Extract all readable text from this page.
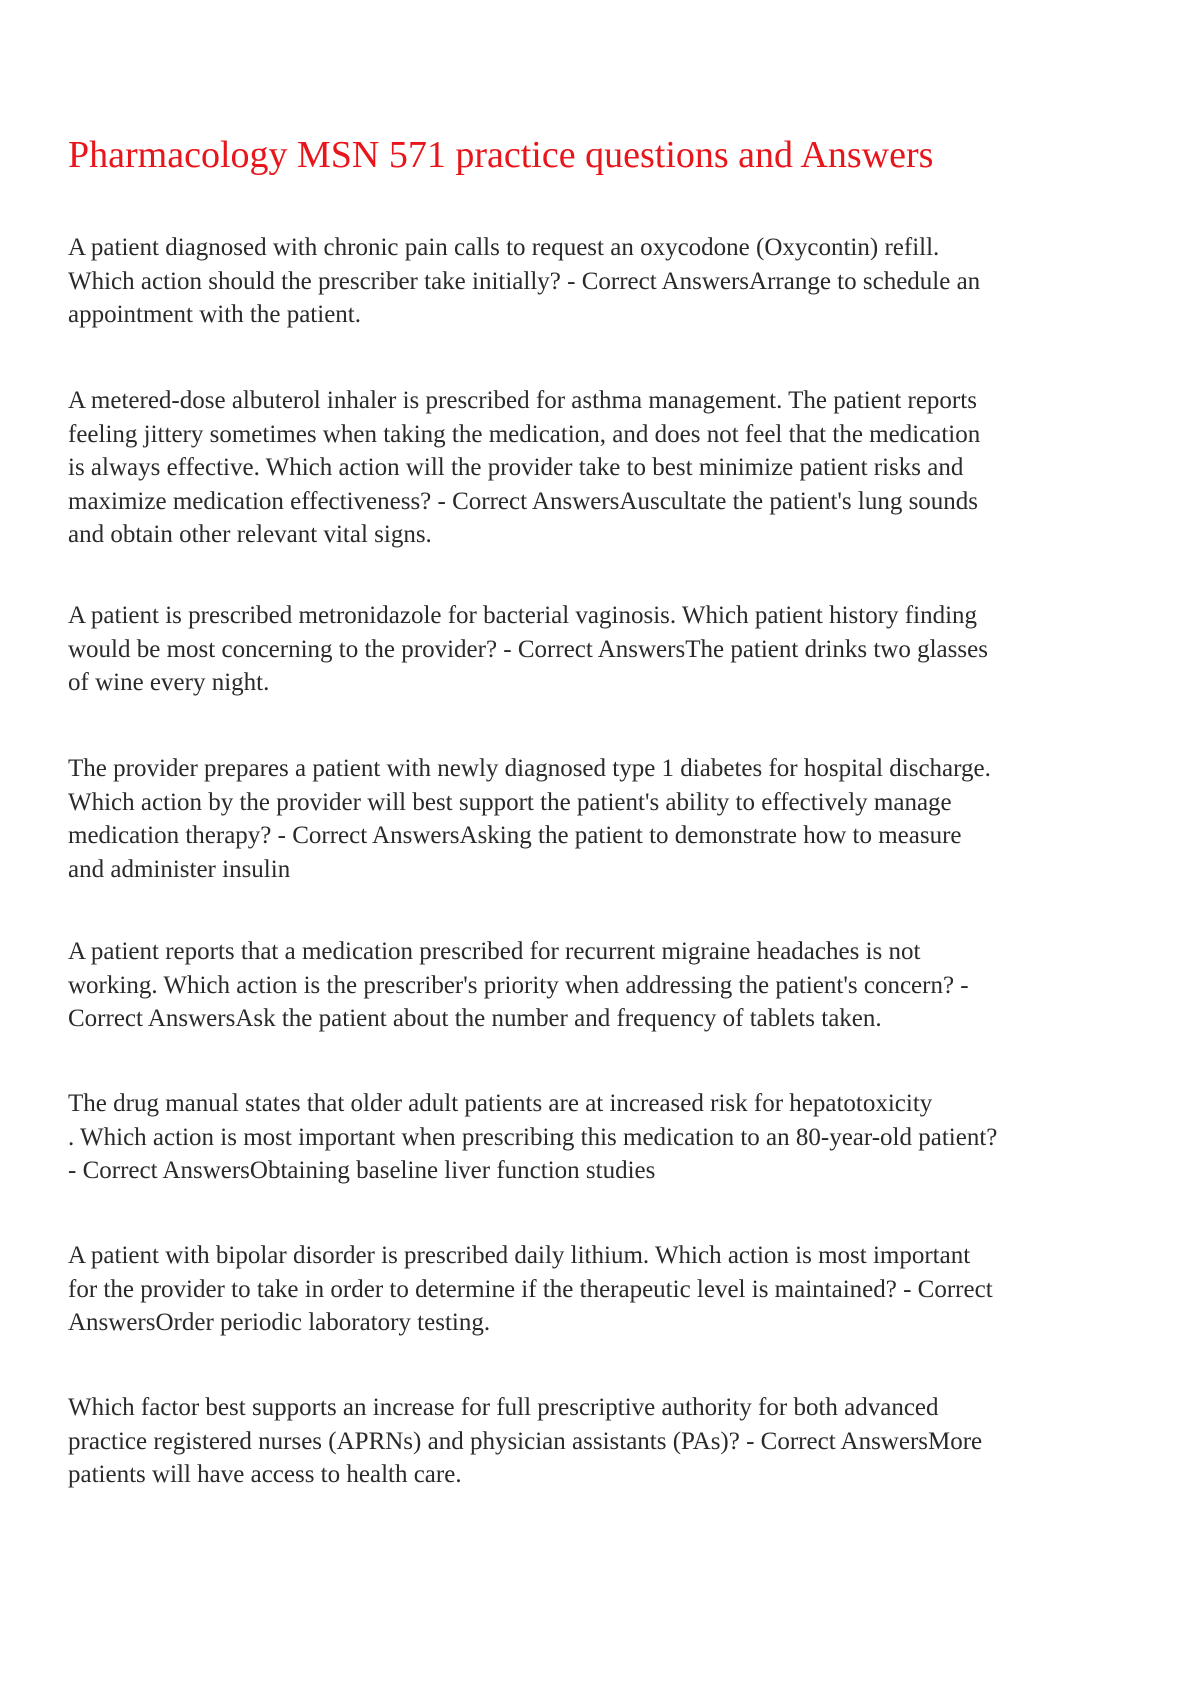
Pharmacology MSN 571 practice questions and Answers

A patient diagnosed with chronic pain calls to request an oxycodone (Oxycontin) refill.
Which action should the prescriber take initially? - Correct AnswersArrange to schedule an
appointment with the patient.

A metered-dose albuterol inhaler is prescribed for asthma management. The patient reports
feeling jittery sometimes when taking the medication, and does not feel that the medication
is always effective. Which action will the provider take to best minimize patient risks and
maximize medication effectiveness? - Correct AnswersAuscultate the patient's lung sounds
and obtain other relevant vital signs.

A patient is prescribed metronidazole for bacterial vaginosis. Which patient history finding
would be most concerning to the provider? - Correct AnswersThe patient drinks two glasses
of wine every night.

The provider prepares a patient with newly diagnosed type 1 diabetes for hospital discharge.
Which action by the provider will best support the patient's ability to effectively manage
medication therapy? - Correct AnswersAsking the patient to demonstrate how to measure
and administer insulin

A patient reports that a medication prescribed for recurrent migraine headaches is not
working. Which action is the prescriber's priority when addressing the patient's concern? -
Correct AnswersAsk the patient about the number and frequency of tablets taken.

The drug manual states that older adult patients are at increased risk for hepatotoxicity
. Which action is most important when prescribing this medication to an 80-year-old patient?
- Correct AnswersObtaining baseline liver function studies

A patient with bipolar disorder is prescribed daily lithium. Which action is most important
for the provider to take in order to determine if the therapeutic level is maintained? - Correct
AnswersOrder periodic laboratory testing.

Which factor best supports an increase for full prescriptive authority for both advanced
practice registered nurses (APRNs) and physician assistants (PAs)? - Correct AnswersMore
patients will have access to health care.
